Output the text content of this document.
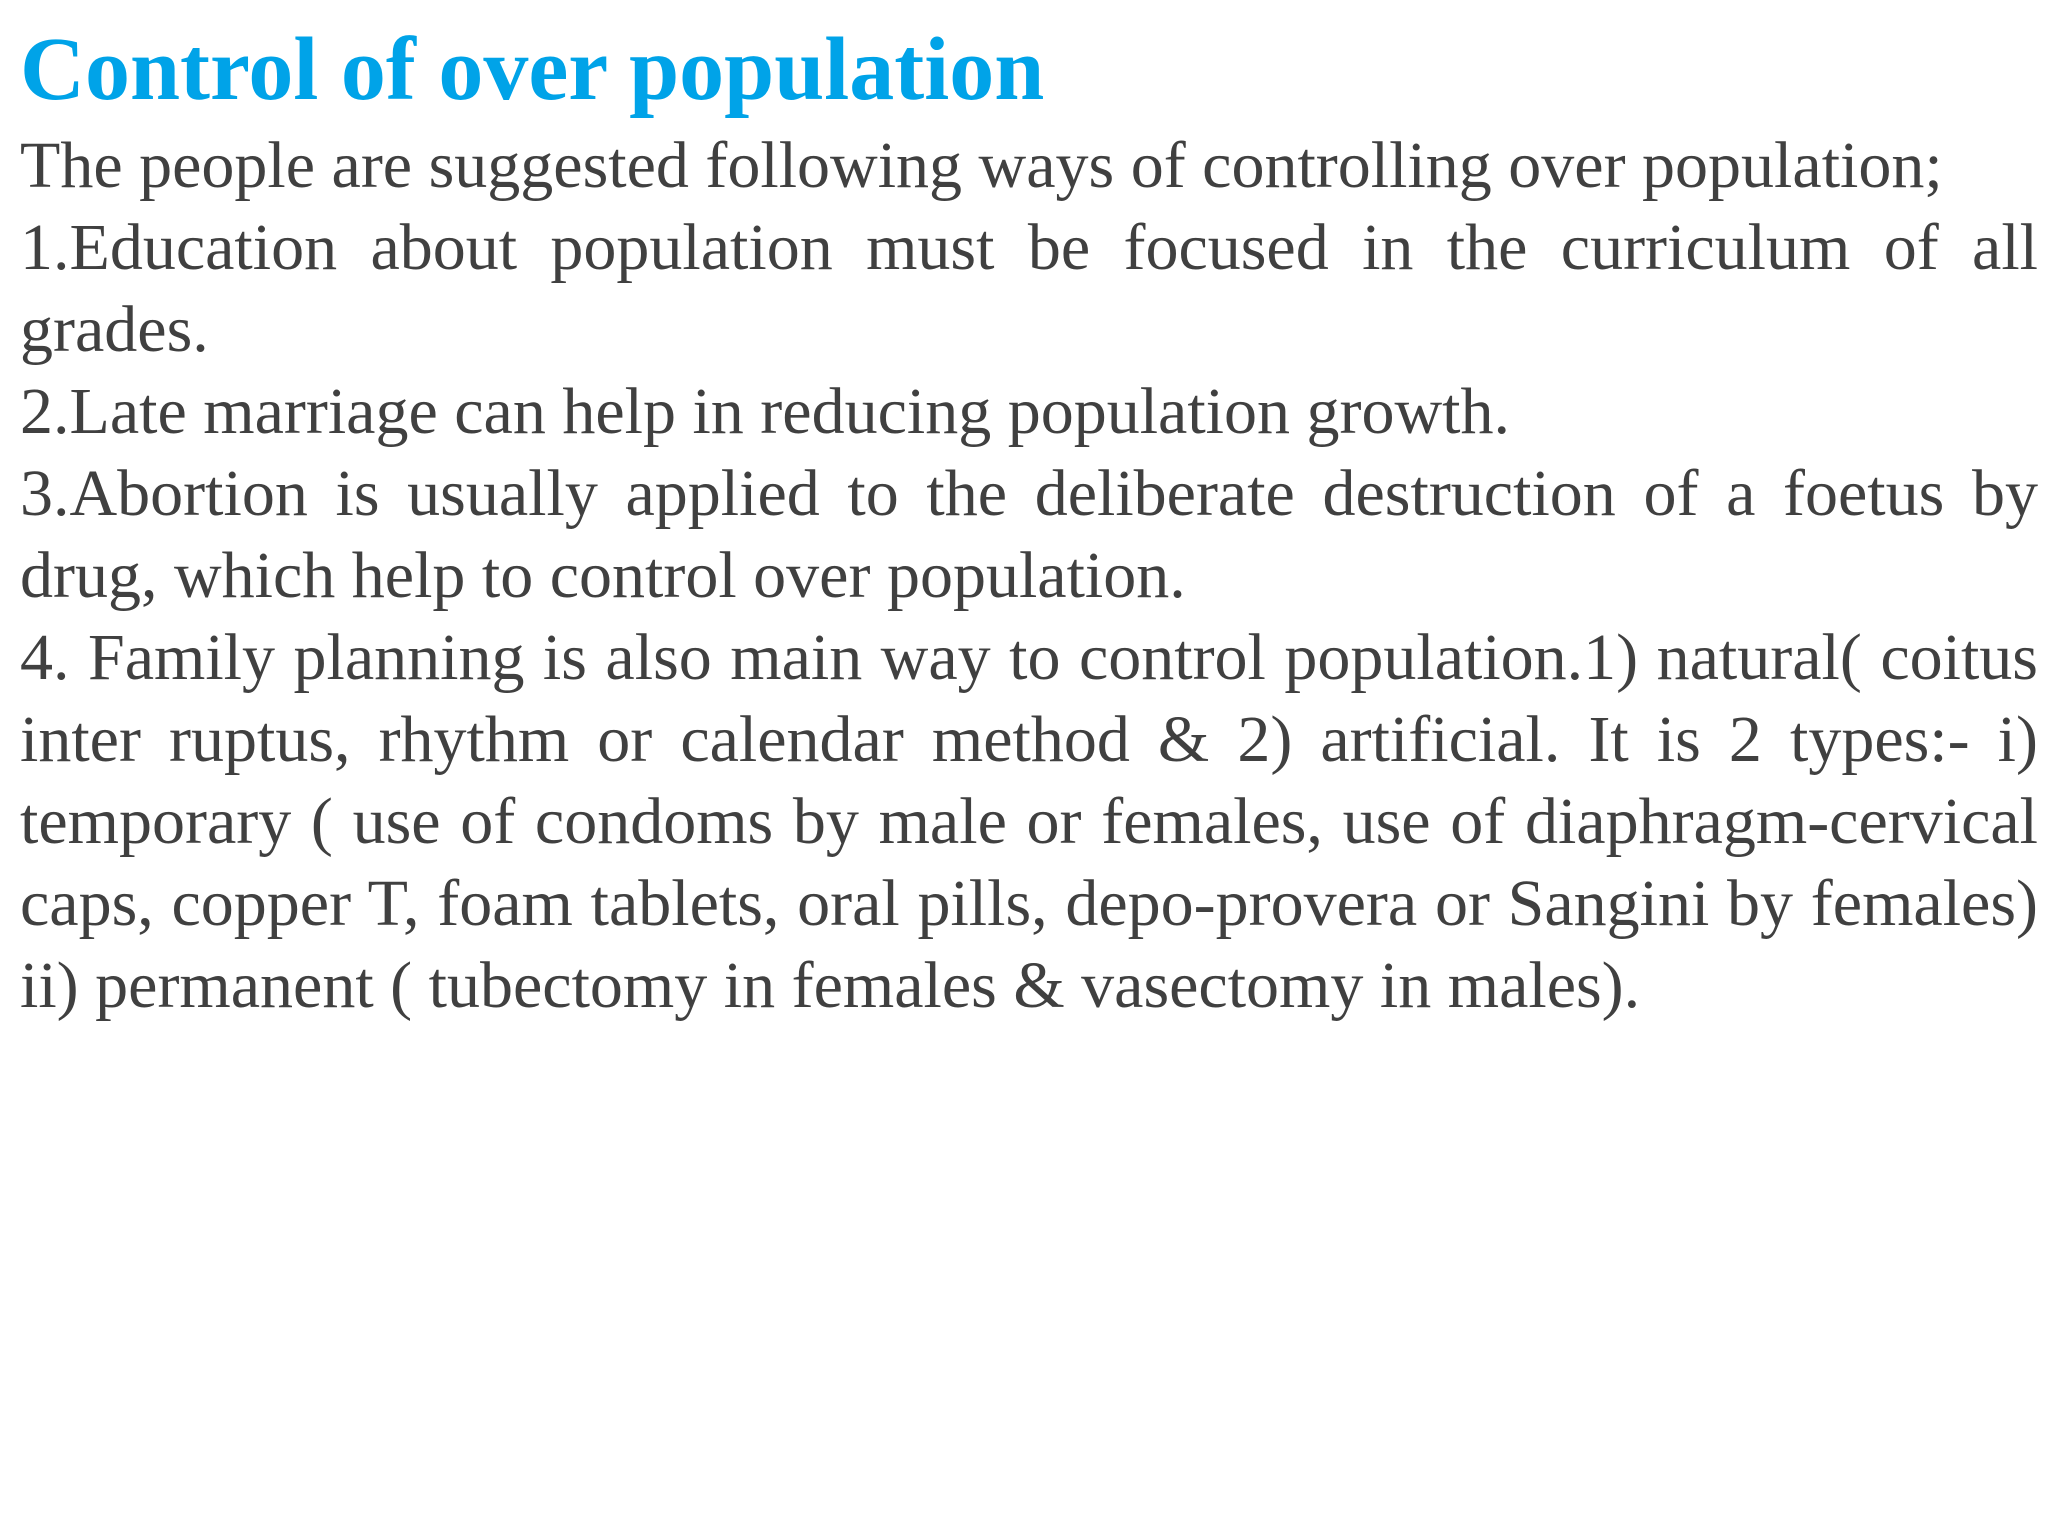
Control of over population

The people are suggested following ways of controlling over population;

1.Education about population must be focused in the curriculum of all grades.

2.Late marriage can help in reducing population growth.

3.Abortion is usually applied to the deliberate destruction of a foetus by drug, which help to control over population.

4. Family planning is also main way to control population.1) natural( coitus inter ruptus, rhythm or calendar method & 2) artificial. It is 2 types:- i) temporary ( use of condoms by male or females, use of diaphragm-cervical caps, copper T, foam tablets, oral pills, depo-provera or Sangini by females) ii) permanent ( tubectomy in females & vasectomy in males).
